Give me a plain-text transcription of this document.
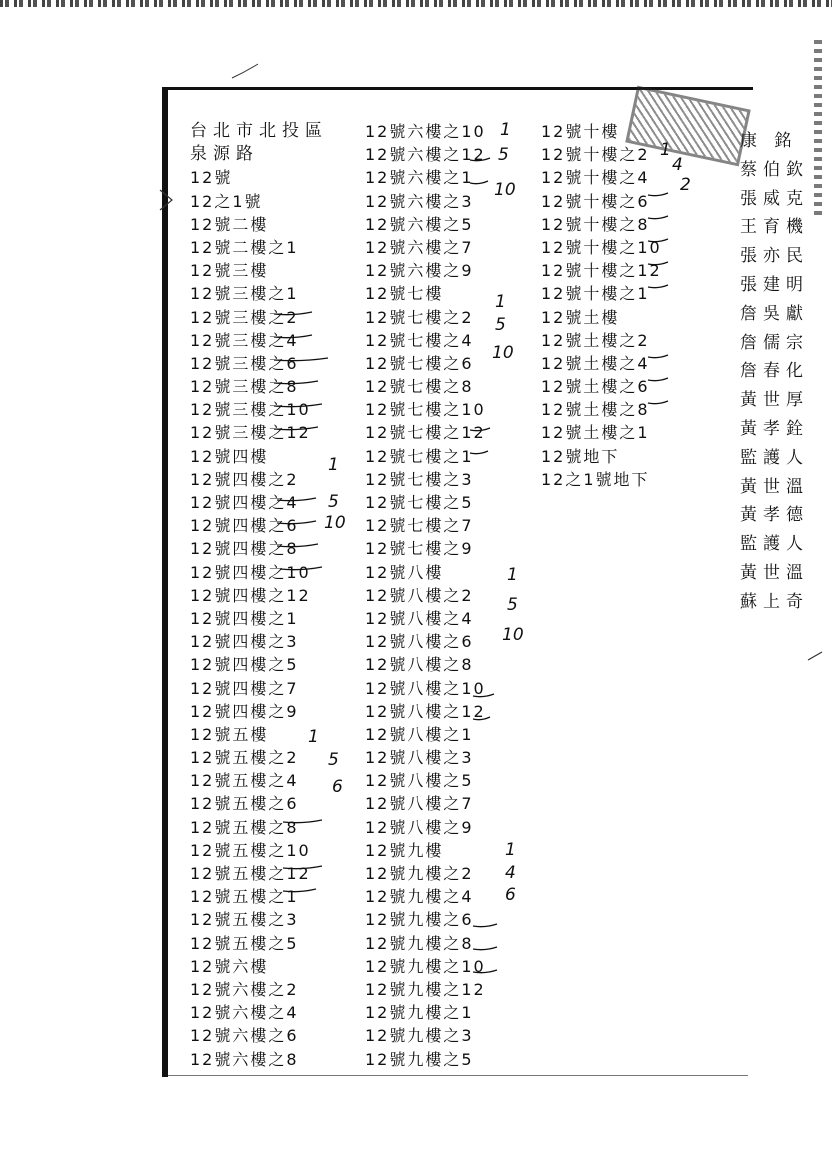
台北市北投區
泉源路
12號
12之1號
12號二樓
12號二樓之1
12號三樓
12號三樓之1
12號三樓之2
12號三樓之4
12號三樓之6
12號三樓之8
12號三樓之10
12號三樓之12
12號四樓
12號四樓之2
12號四樓之4
12號四樓之6
12號四樓之8
12號四樓之10
12號四樓之12
12號四樓之1
12號四樓之3
12號四樓之5
12號四樓之7
12號四樓之9
12號五樓
12號五樓之2
12號五樓之4
12號五樓之6
12號五樓之8
12號五樓之10
12號五樓之12
12號五樓之1
12號五樓之3
12號五樓之5
12號六樓
12號六樓之2
12號六樓之4
12號六樓之6
12號六樓之8
12號六樓之10
12號六樓之12
12號六樓之1
12號六樓之3
12號六樓之5
12號六樓之7
12號六樓之9
12號七樓
12號七樓之2
12號七樓之4
12號七樓之6
12號七樓之8
12號七樓之10
12號七樓之12
12號七樓之1
12號七樓之3
12號七樓之5
12號七樓之7
12號七樓之9
12號八樓
12號八樓之2
12號八樓之4
12號八樓之6
12號八樓之8
12號八樓之10
12號八樓之12
12號八樓之1
12號八樓之3
12號八樓之5
12號八樓之7
12號八樓之9
12號九樓
12號九樓之2
12號九樓之4
12號九樓之6
12號九樓之8
12號九樓之10
12號九樓之12
12號九樓之1
12號九樓之3
12號九樓之5
12號十樓
12號十樓之2
12號十樓之4
12號十樓之6
12號十樓之8
12號十樓之10
12號十樓之12
12號十樓之1
12號土樓
12號土樓之2
12號土樓之4
12號土樓之6
12號土樓之8
12號土樓之1
12號地下
12之1號地下
康 銘
蔡伯欽
張威克
王育機
張亦民
張建明
詹吳獻
詹儒宗
詹春化
黃世厚
黃孝銓
監護人
黃世溫
黃孝德
監護人
黃世溫
蘇上奇
1
5
10
1
5
10
1
5
10
1
5
10
1
5
6
1
4
6
1
4
2
